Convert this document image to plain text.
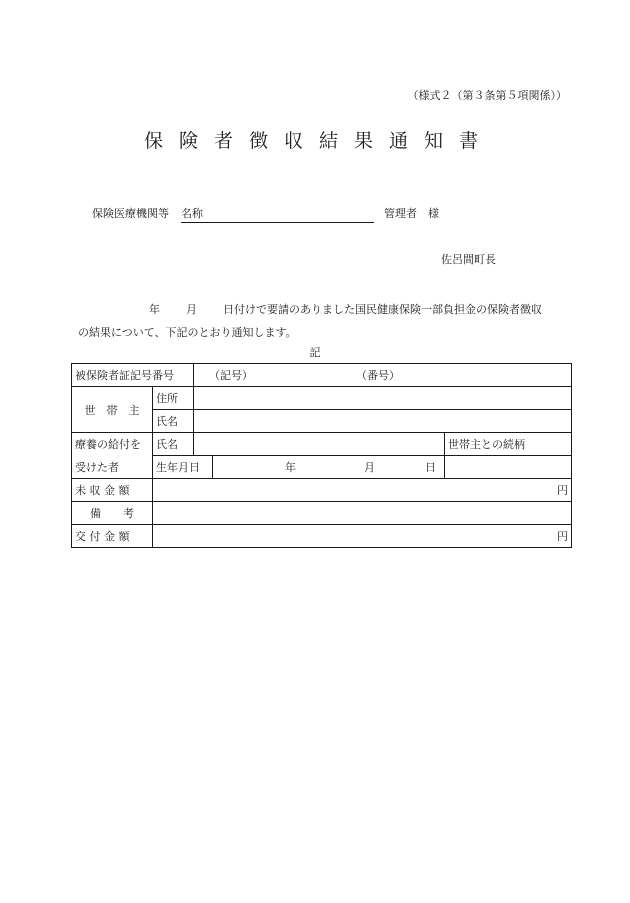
（様式２（第３条第５項関係））
保険者徴収結果通知書
保険医療機関等 名称	管理者　様
佐呂間町長
年 月 日付けで要請のありました国民健康保険一部負担金の保険者徴収
の結果について、下記のとおり通知します。
記
被保険者証記号番号		（記号） （番号）		
世　帯　主	住所			
	氏名			
療養の給付を	氏名			世帯主との続柄
受けた者	生年月日		年 月 日	
未 収 金 額	円			
備　　考				
交 付 金 額	円			
